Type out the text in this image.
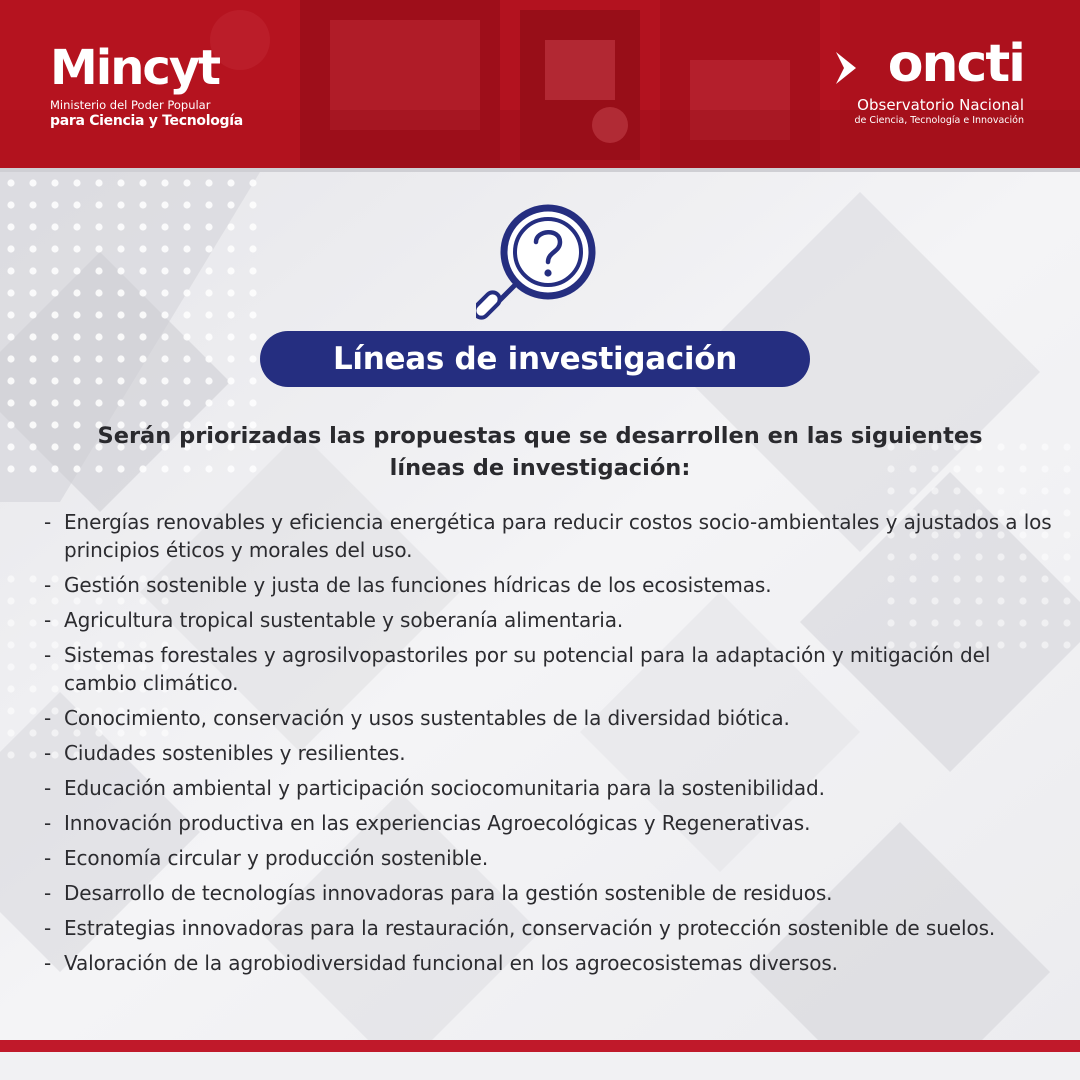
Mincyt
Ministerio del Poder Popular
para Ciencia y Tecnología
oncti
Observatorio Nacional
de Ciencia, Tecnología e Innovación
Líneas de investigación
Serán priorizadas las propuestas que se desarrollen en las siguientes líneas de investigación:
- Energías renovables y eficiencia energética para reducir costos socio-ambientales y ajustados a los principios éticos y morales del uso.
- Gestión sostenible y justa de las funciones hídricas de los ecosistemas.
- Agricultura tropical sustentable y soberanía alimentaria.
- Sistemas forestales y agrosilvopastoriles por su potencial para la adaptación y mitigación del cambio climático.
- Conocimiento, conservación y usos sustentables de la diversidad biótica.
- Ciudades sostenibles y resilientes.
- Educación ambiental y participación sociocomunitaria para la sostenibilidad.
- Innovación productiva en las experiencias Agroecológicas y Regenerativas.
- Economía circular y producción sostenible.
- Desarrollo de tecnologías innovadoras para la gestión sostenible de residuos.
- Estrategias innovadoras para la restauración, conservación y protección sostenible de suelos.
- Valoración de la agrobiodiversidad funcional en los agroecosistemas diversos.
